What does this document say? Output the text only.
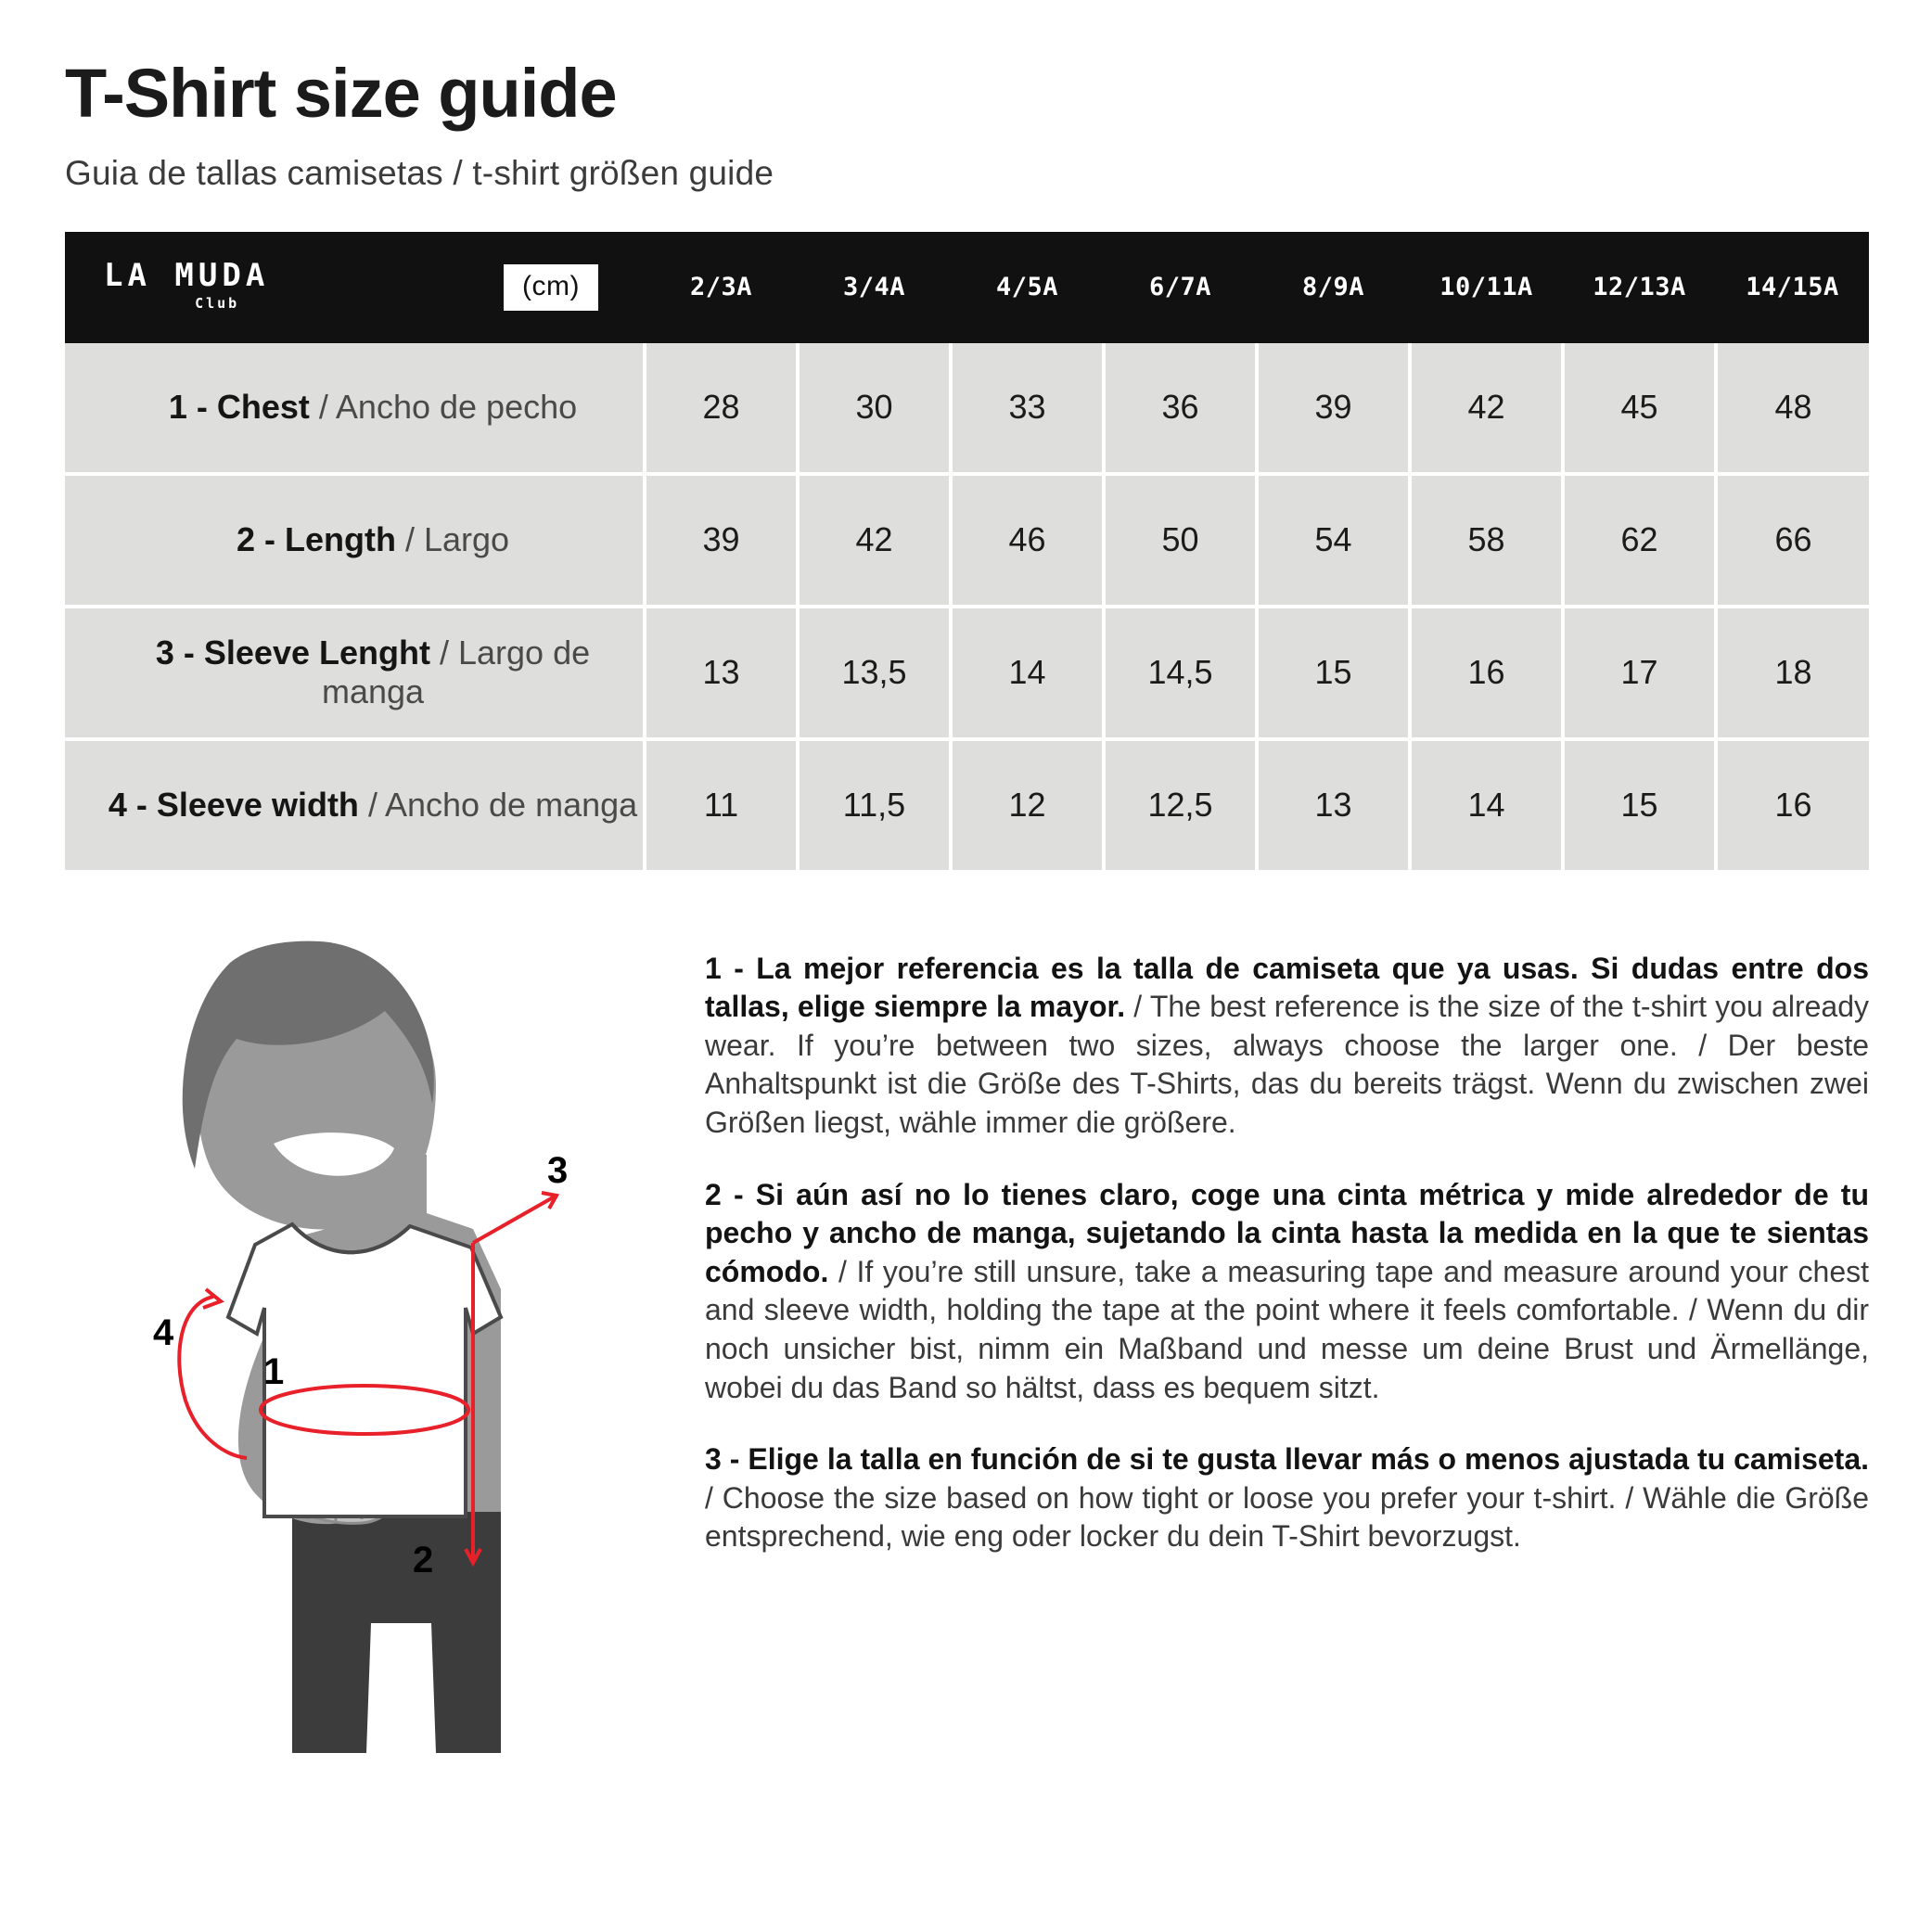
T-Shirt size guide
Guia de tallas camisetas / t-shirt größen guide
LA MUDA
Club	(cm)	2/3A	3/4A	4/5A	6/7A	8/9A	10/11A	12/13A	14/15A
1 - Chest / Ancho de pecho		28	30	33	36	39	42	45	48
2 - Length / Largo		39	42	46	50	54	58	62	66
3 - Sleeve Lenght / Largo de manga		13	13,5	14	14,5	15	16	17	18
4 - Sleeve width / Ancho de manga		11	11,5	12	12,5	13	14	15	16
1
2
3
4

1 - La mejor referencia es la talla de camiseta que ya usas. Si dudas entre dos tallas, elige siempre la mayor. / The best reference is the size of the t-shirt you already wear. If you’re between two sizes, always choose the larger one. / Der beste Anhaltspunkt ist die Größe des T-Shirts, das du bereits trägst. Wenn du zwischen zwei Größen liegst, wähle immer die größere.

2 - Si aún así no lo tienes claro, coge una cinta métrica y mide alrededor de tu pecho y ancho de manga, sujetando la cinta hasta la medida en la que te sientas cómodo. / If you’re still unsure, take a measuring tape and measure around your chest and sleeve width, holding the tape at the point where it feels comfortable. / Wenn du dir noch unsicher bist, nimm ein Maßband und messe um deine Brust und Ärmellänge, wobei du das Band so hältst, dass es bequem sitzt.

3 - Elige la talla en función de si te gusta llevar más o menos ajustada tu camiseta. / Choose the size based on how tight or loose you prefer your t-shirt. / Wähle die Größe entsprechend, wie eng oder locker du dein T-Shirt bevorzugst.
